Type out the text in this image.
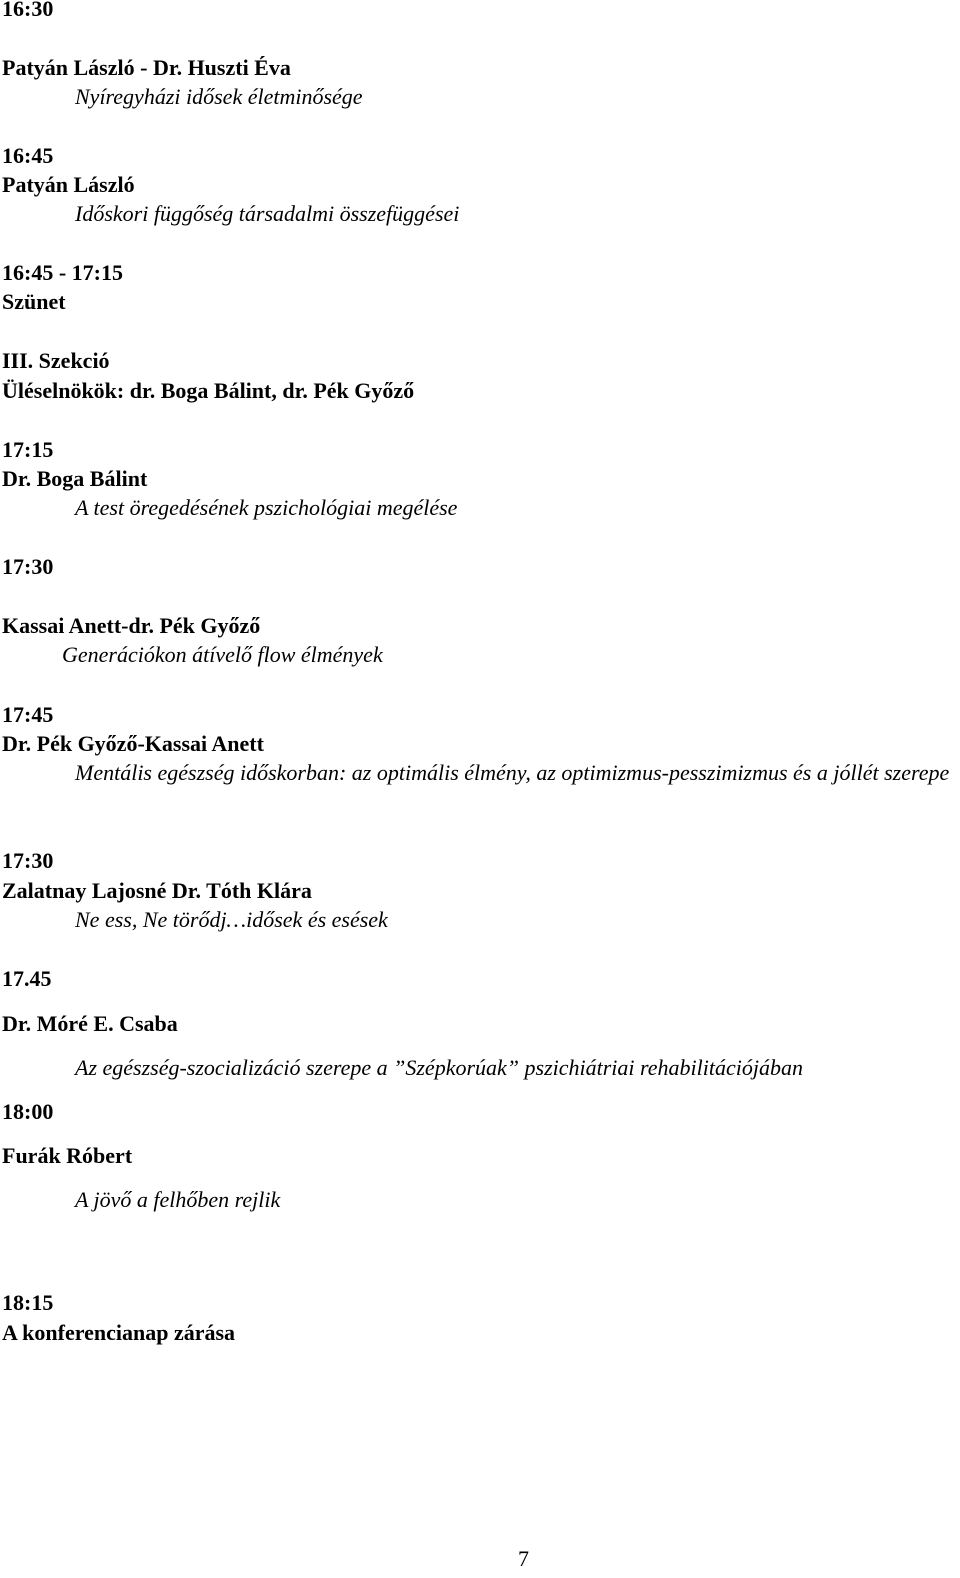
16:30
Patyán László - Dr. Huszti Éva
Nyíregyházi idősek életminősége
16:45
Patyán László
Időskori függőség társadalmi összefüggései
16:45 - 17:15
Szünet
III. Szekció
Üléselnökök: dr. Boga Bálint, dr. Pék Győző
17:15
Dr. Boga Bálint
A test öregedésének pszichológiai megélése
17:30
Kassai Anett-dr. Pék Győző
Generációkon átívelő flow élmények
17:45
Dr. Pék Győző-Kassai Anett
Mentális egészség időskorban: az optimális élmény, az optimizmus-pesszimizmus és a jóllét szerepe
17:30
Zalatnay Lajosné Dr. Tóth Klára
Ne ess, Ne törődj…idősek és esések
17.45
Dr. Móré E. Csaba
Az egészség-szocializáció szerepe a ”Szépkorúak” pszichiátriai rehabilitációjában
18:00
Furák Róbert
A jövő a felhőben rejlik
18:15
A konferencianap zárása
7
